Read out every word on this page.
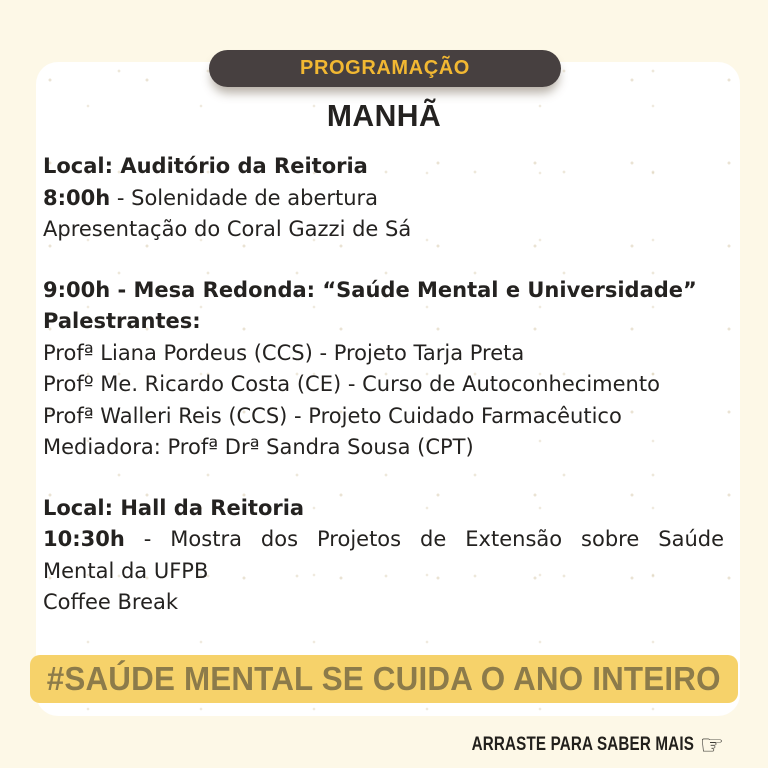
PROGRAMAÇÃO
MANHÃ
Local: Auditório da Reitoria
8:00h - Solenidade de abertura
Apresentação do Coral Gazzi de Sá
9:00h - Mesa Redonda: “Saúde Mental e Universidade”
Palestrantes:
Profª Liana Pordeus (CCS) - Projeto Tarja Preta
Profº Me. Ricardo Costa (CE) - Curso de Autoconhecimento
Profª Walleri Reis (CCS) - Projeto Cuidado Farmacêutico
Mediadora: Profª Drª Sandra Sousa (CPT)
Local: Hall da Reitoria
10:30h - Mostra dos Projetos de Extensão sobre Saúde
Mental da UFPB
Coffee Break
#SAÚDE MENTAL SE CUIDA O ANO INTEIRO
ARRASTE PARA SABER MAIS ☞
